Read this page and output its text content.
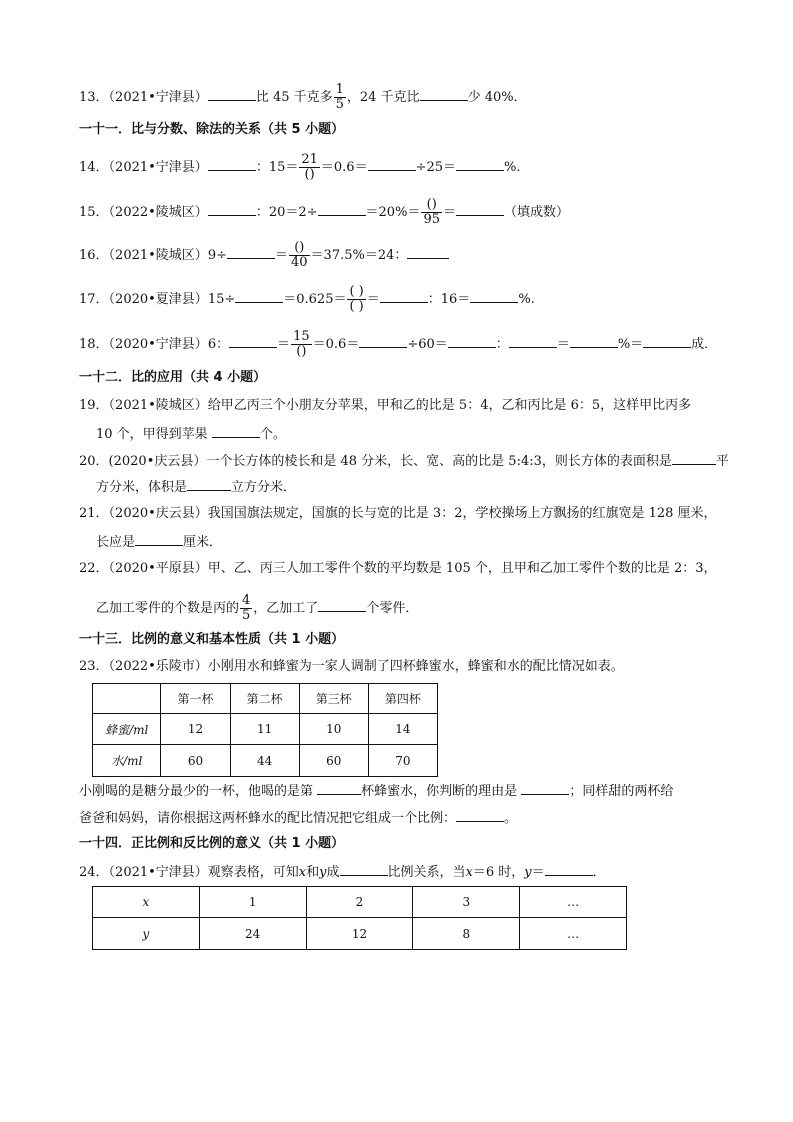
13．（2021•宁津县）	比 45 千克多 $\frac{1}{5}$ ，24 千克比	少 40%．
一十一．比与分数、除法的关系（共 5 小题）
14．（2021•宁津县）	：$15= \frac{21}{()} =0.6=$	÷25＝	%.
15．（2022•陵城区）	：20＝2÷	$=20\%= \frac{()}{95}$ ＝	（填成数）
16．（2021•陵城区）9÷	＝ $\frac{()}{40} =37.5\%=24$：
17．（2020•夏津县）15÷	$=0.625= \frac{( )}{( )}$ ＝	：16＝	%.
18．（2020•宁津县）6：	＝ $\frac{15}{()} =0.6=$	÷60＝	：	＝	%＝	成．
一十二．比的应用（共 4 小题）
19．（2021•陵城区）给甲乙丙三个小朋友分苹果，甲和乙的比是 5：4，乙和丙比是 6：5，这样甲比丙多
10 个，甲得到苹果	个。
20．(2020•庆云县）一个长方体的棱长和是 48 分米，长、宽、高的比是 5:4:3，则长方体的表面积是	平
方分米，体积是	立方分米．
21．（2020•庆云县）我国国旗法规定，国旗的长与宽的比是 3：2，学校操场上方飘扬的红旗宽是 128 厘米，
长应是	厘米．
22．（2020•平原县）甲、乙、丙三人加工零件个数的平均数是 105 个，且甲和乙加工零件个数的比是 2：3，
乙加工零件的个数是丙的 $\frac{4}{5}$ ，乙加工了	个零件．
一十三．比例的意义和基本性质（共 1 小题）
23．（2022•乐陵市）小刚用水和蜂蜜为一家人调制了四杯蜂蜜水，蜂蜜和水的配比情况如表。
	第一杯	第二杯	第三杯	第四杯
蜂蜜/ml	12	11	10	14
水/ml	60	44	60	70
小刚喝的是糖分最少的一杯，他喝的是第	杯蜂蜜水，你判断的理由是	；同样甜的两杯给
爸爸和妈妈，请你根据这两杯蜂水的配比情况把它组成一个比例：	。
一十四．正比例和反比例的意义（共 1 小题）
24．（2021•宁津县）观察表格，可知x和y成	比例关系，当x＝6 时，y＝	．
x	1	2	3	…
y	24	12	8	…
